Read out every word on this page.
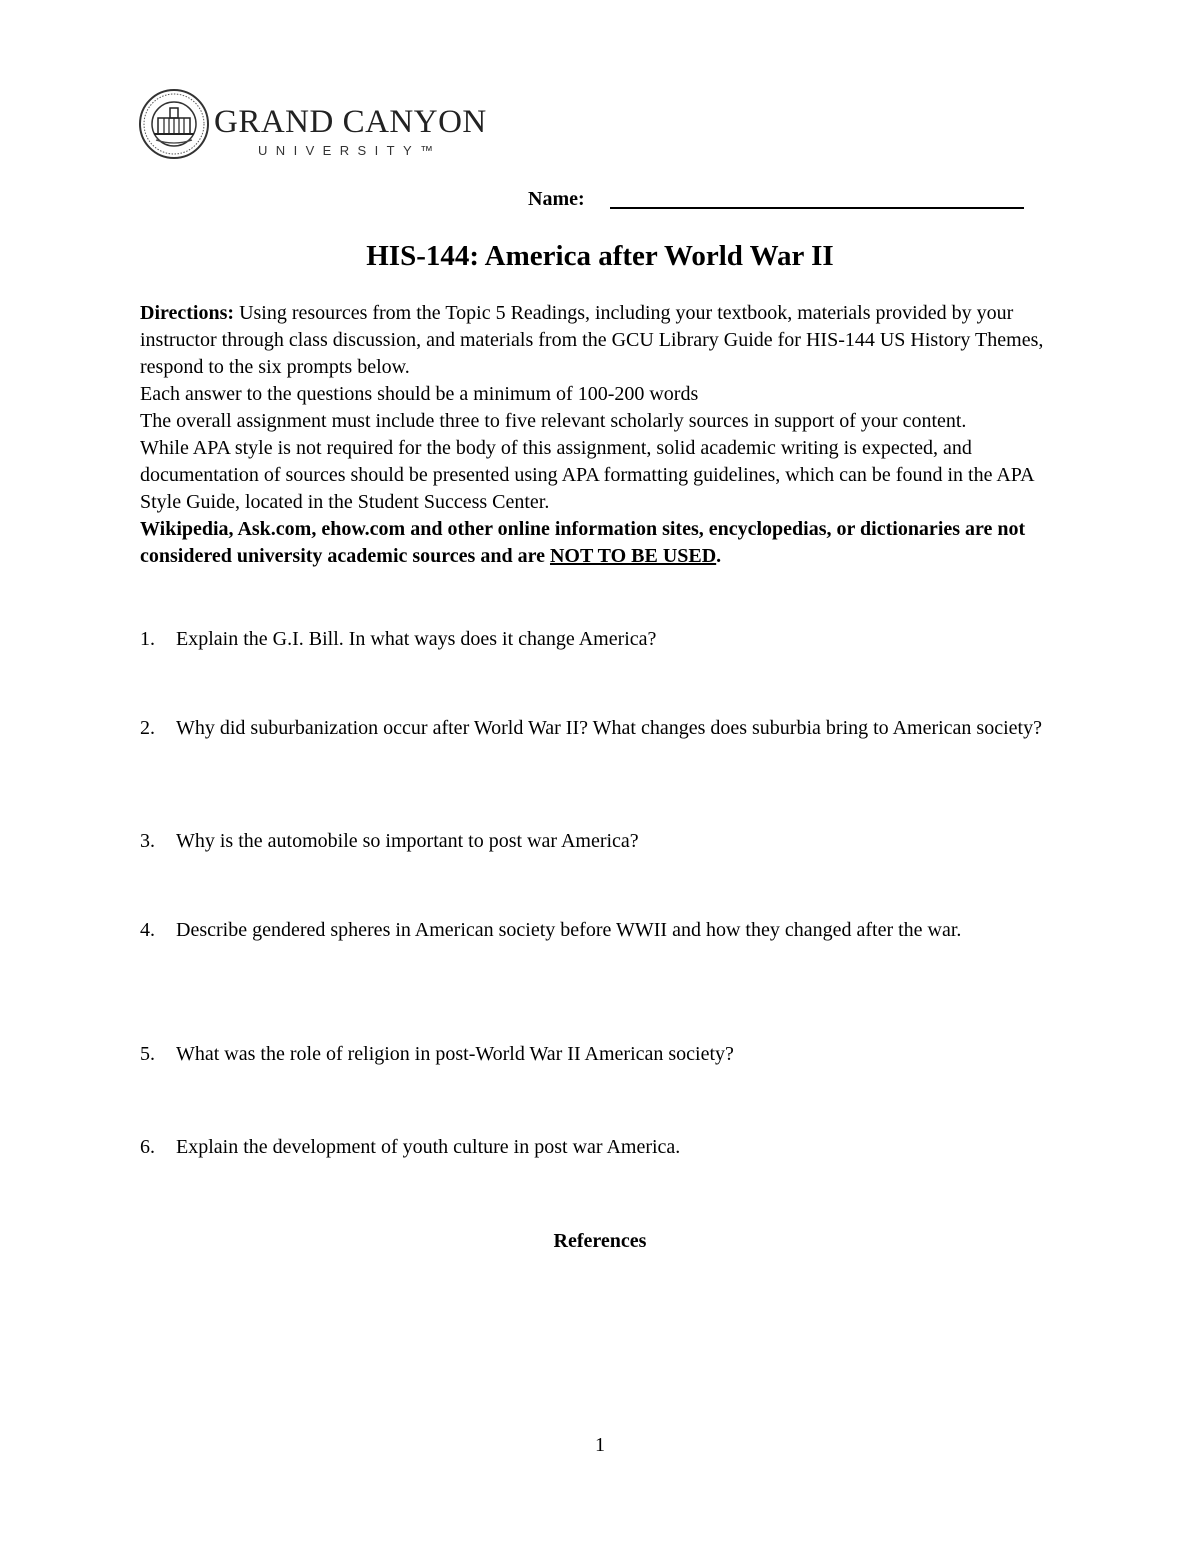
GRAND CANYON
UNIVERSITY™
Name:
HIS-144: America after World War II

Directions: Using resources from the Topic 5 Readings, including your textbook, materials provided by your instructor through class discussion, and materials from the GCU Library Guide for HIS-144 US History Themes, respond to the six prompts below.

Each answer to the questions should be a minimum of 100-200 words

The overall assignment must include three to five relevant scholarly sources in support of your content.

While APA style is not required for the body of this assignment, solid academic writing is expected, and documentation of sources should be presented using APA formatting guidelines, which can be found in the APA Style Guide, located in the Student Success Center.

Wikipedia, Ask.com, ehow.com and other online information sites, encyclopedias, or dictionaries are not considered university academic sources and are NOT TO BE USED.

1.	Explain the G.I. Bill. In what ways does it change America?
2.	Why did suburbanization occur after World War II? What changes does suburbia bring to American society?
3.	Why is the automobile so important to post war America?
4.	Describe gendered spheres in American society before WWII and how they changed after the war.
5.	What was the role of religion in post-World War II American society?
6.	Explain the development of youth culture in post war America.
References
1
